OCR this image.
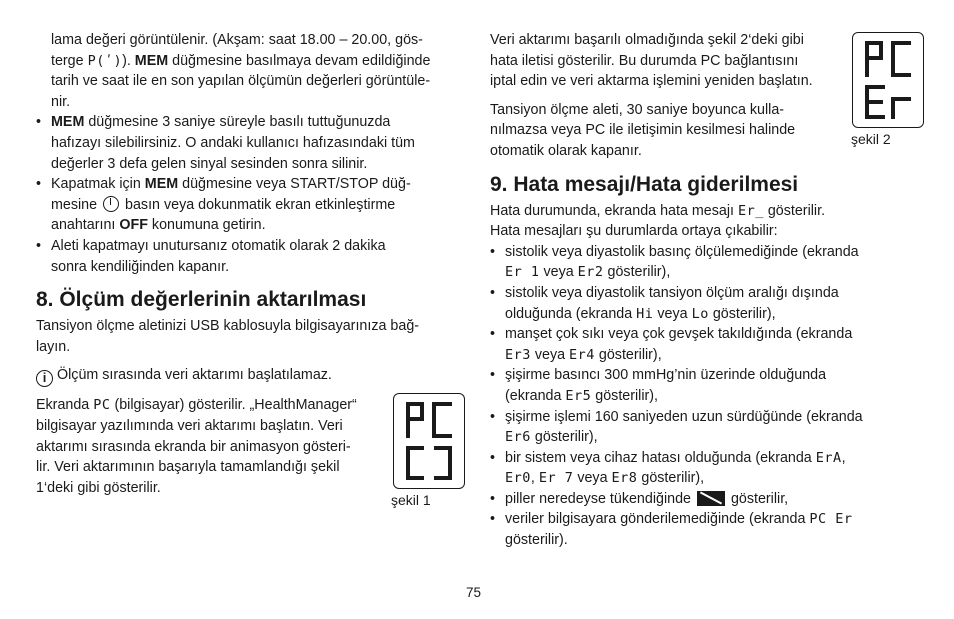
lama değeri görüntülenir. (Akşam: saat 18.00 – 20.00, gös-

terge P(ʹ)). MEM düğmesine basılmaya devam edildiğinde

tarih ve saat ile en son yapılan ölçümün değerleri görüntüle-

nir.

• MEM düğmesine 3 saniye süreyle basılı tuttuğunuzda
hafızayı silebilirsiniz. O andaki kullanıcı hafızasındaki tüm
değerler 3 defa gelen sinyal sesinden sonra silinir.
• Kapatmak için MEM düğmesine veya START/STOP düğ-
mesine  basın veya dokunmatik ekran etkinleştirme
anahtarını OFF konumuna getirin.
• Aleti kapatmayı unutursanız otomatik olarak 2 dakika
sonra kendiliğinden kapanır.
8. Ölçüm değerlerinin aktarılması

Tansiyon ölçme aletinizi USB kablosuyla bilgisayarınıza bağ-

layın.

i Ölçüm sırasında veri aktarımı başlatılamaz.

Ekranda PC (bilgisayar) gösterilir. „HealthManager“

bilgisayar yazılımında veri aktarımı başlatın. Veri

aktarımı sırasında ekranda bir animasyon gösteri-

lir. Veri aktarımının başarıyla tamamlandığı şekil

1‘deki gibi gösterilir.

şekil 1

Veri aktarımı başarılı olmadığında şekil 2‘deki gibi

hata iletisi gösterilir. Bu durumda PC bağlantısını

iptal edin ve veri aktarma işlemini yeniden başlatın.

Tansiyon ölçme aleti, 30 saniye boyunca kulla-

nılmazsa veya PC ile iletişimin kesilmesi halinde

otomatik olarak kapanır.

9. Hata mesajı/Hata giderilmesi

Hata durumunda, ekranda hata mesajı Er_ gösterilir.

Hata mesajları şu durumlarda ortaya çıkabilir:

• sistolik veya diyastolik basınç ölçülemediğinde (ekranda
Er 1 veya Er2 gösterilir),
• sistolik veya diyastolik tansiyon ölçüm aralığı dışında
olduğunda (ekranda Hi veya Lo gösterilir),
• manşet çok sıkı veya çok gevşek takıldığında (ekranda
Er3 veya Er4 gösterilir),
• şişirme basıncı 300 mmHg’nin üzerinde olduğunda
(ekranda Er5 gösterilir),
• şişirme işlemi 160 saniyeden uzun sürdüğünde (ekranda
Er6 gösterilir),
• bir sistem veya cihaz hatası olduğunda (ekranda ErA,
Er0, Er 7 veya Er8 gösterilir),
• piller neredeyse tükendiğinde  gösterilir,
• veriler bilgisayara gönderilemediğinde (ekranda PC Er
gösterilir).
şekil 2
75
